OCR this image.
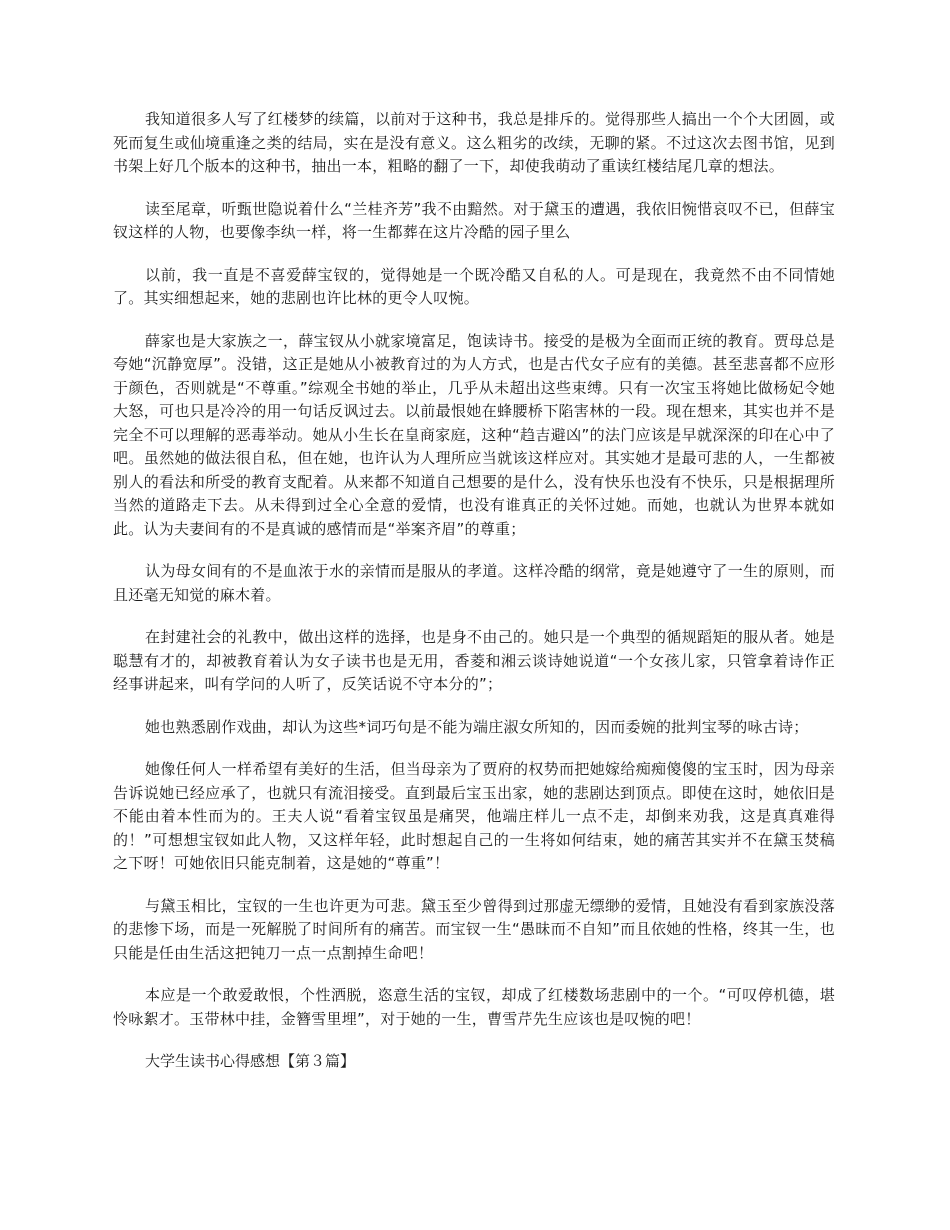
我知道很多人写了红楼梦的续篇，以前对于这种书，我总是排斥的。觉得那些人搞出一个个大团圆，或死而复生或仙境重逢之类的结局，实在是没有意义。这么粗劣的改续，无聊的紧。不过这次去图书馆，见到书架上好几个版本的这种书，抽出一本，粗略的翻了一下，却使我萌动了重读红楼结尾几章的想法。

读至尾章，听甄世隐说着什么“兰桂齐芳”我不由黯然。对于黛玉的遭遇，我依旧惋惜哀叹不已，但薛宝钗这样的人物，也要像李纨一样，将一生都葬在这片冷酷的园子里么

以前，我一直是不喜爱薛宝钗的，觉得她是一个既冷酷又自私的人。可是现在，我竟然不由不同情她了。其实细想起来，她的悲剧也许比林的更令人叹惋。

薛家也是大家族之一，薛宝钗从小就家境富足，饱读诗书。接受的是极为全面而正统的教育。贾母总是夸她“沉静宽厚”。没错，这正是她从小被教育过的为人方式，也是古代女子应有的美德。甚至悲喜都不应形于颜色，否则就是“不尊重。”综观全书她的举止，几乎从未超出这些束缚。只有一次宝玉将她比做杨妃令她大怒，可也只是冷冷的用一句话反讽过去。以前最恨她在蜂腰桥下陷害林的一段。现在想来，其实也并不是完全不可以理解的恶毒举动。她从小生长在皇商家庭，这种“趋吉避凶”的法门应该是早就深深的印在心中了吧。虽然她的做法很自私，但在她，也许认为人理所应当就该这样应对。其实她才是最可悲的人，一生都被别人的看法和所受的教育支配着。从来都不知道自己想要的是什么，没有快乐也没有不快乐，只是根据理所当然的道路走下去。从未得到过全心全意的爱情，也没有谁真正的关怀过她。而她，也就认为世界本就如此。认为夫妻间有的不是真诚的感情而是“举案齐眉”的尊重；

认为母女间有的不是血浓于水的亲情而是服从的孝道。这样冷酷的纲常，竟是她遵守了一生的原则，而且还毫无知觉的麻木着。

在封建社会的礼教中，做出这样的选择，也是身不由己的。她只是一个典型的循规蹈矩的服从者。她是聪慧有才的，却被教育着认为女子读书也是无用，香菱和湘云谈诗她说道“一个女孩儿家，只管拿着诗作正经事讲起来，叫有学问的人听了，反笑话说不守本分的”；

她也熟悉剧作戏曲，却认为这些*词巧句是不能为端庄淑女所知的，因而委婉的批判宝琴的咏古诗；

她像任何人一样希望有美好的生活，但当母亲为了贾府的权势而把她嫁给痴痴傻傻的宝玉时，因为母亲告诉说她已经应承了，也就只有流泪接受。直到最后宝玉出家，她的悲剧达到顶点。即使在这时，她依旧是不能由着本性而为的。王夫人说“看着宝钗虽是痛哭，他端庄样儿一点不走，却倒来劝我，这是真真难得的！”可想想宝钗如此人物，又这样年轻，此时想起自己的一生将如何结束，她的痛苦其实并不在黛玉焚稿之下呀！可她依旧只能克制着，这是她的“尊重”！

与黛玉相比，宝钗的一生也许更为可悲。黛玉至少曾得到过那虚无缥缈的爱情，且她没有看到家族没落的悲惨下场，而是一死解脱了时间所有的痛苦。而宝钗一生“愚昧而不自知”而且依她的性格，终其一生，也只能是任由生活这把钝刀一点一点割掉生命吧！

本应是一个敢爱敢恨，个性洒脱，恣意生活的宝钗，却成了红楼数场悲剧中的一个。“可叹停机德，堪怜咏絮才。玉带林中挂，金簪雪里埋”，对于她的一生，曹雪芹先生应该也是叹惋的吧！

大学生读书心得感想【第３篇】
